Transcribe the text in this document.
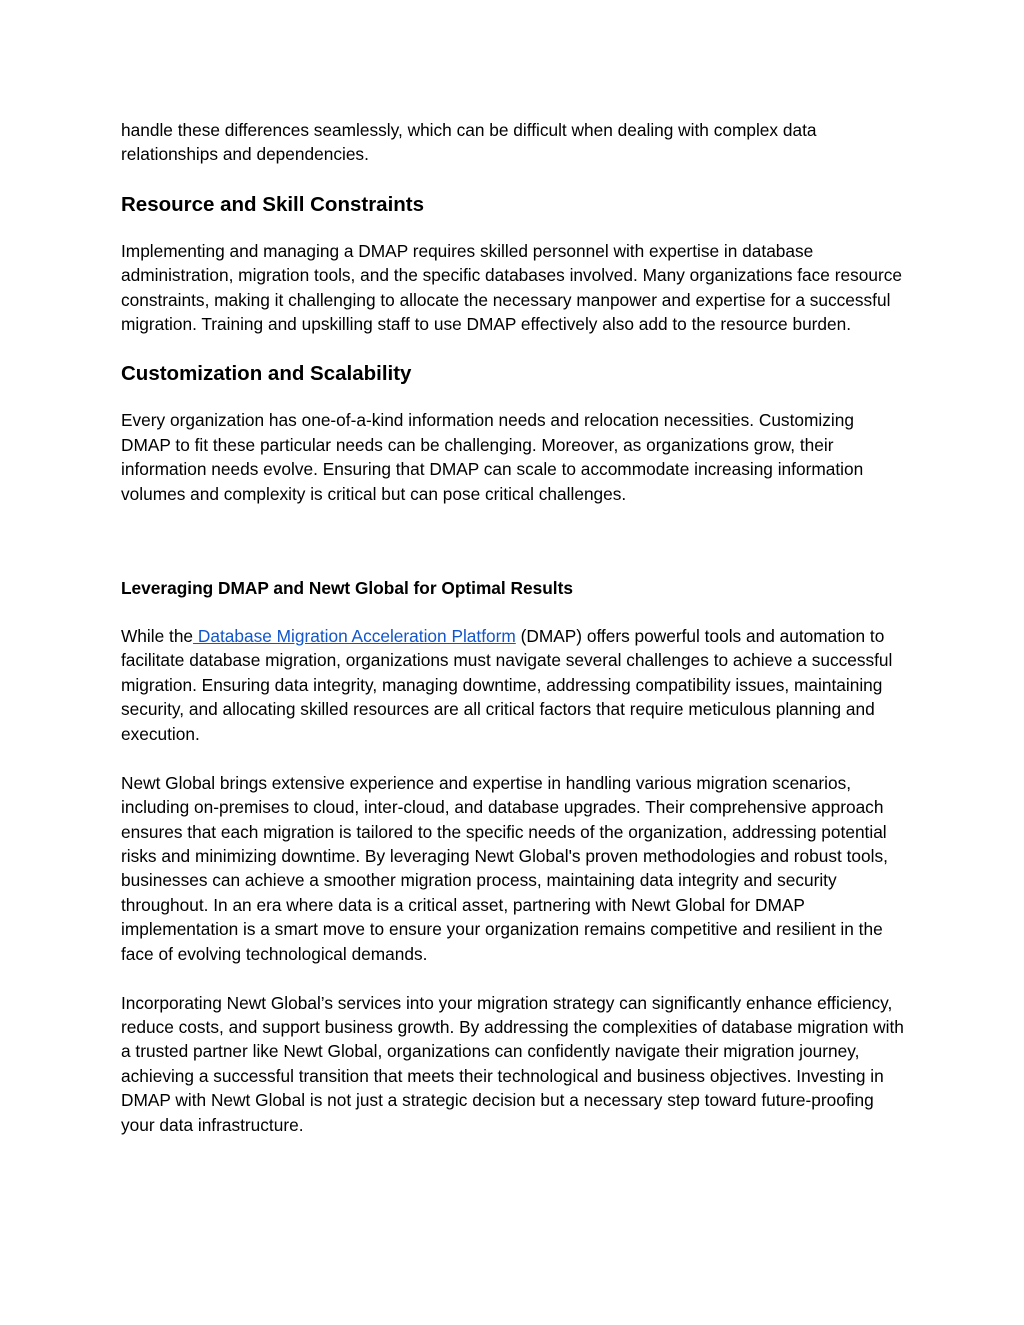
handle these differences seamlessly, which can be difficult when dealing with complex data relationships and dependencies.

Resource and Skill Constraints

Implementing and managing a DMAP requires skilled personnel with expertise in database administration, migration tools, and the specific databases involved. Many organizations face resource constraints, making it challenging to allocate the necessary manpower and expertise for a successful migration. Training and upskilling staff to use DMAP effectively also add to the resource burden.

Customization and Scalability

Every organization has one-of-a-kind information needs and relocation necessities. Customizing DMAP to fit these particular needs can be challenging. Moreover, as organizations grow, their information needs evolve. Ensuring that DMAP can scale to accommodate increasing information volumes and complexity is critical but can pose critical challenges.

Leveraging DMAP and Newt Global for Optimal Results

While the Database Migration Acceleration Platform (DMAP) offers powerful tools and automation to facilitate database migration, organizations must navigate several challenges to achieve a successful migration. Ensuring data integrity, managing downtime, addressing compatibility issues, maintaining security, and allocating skilled resources are all critical factors that require meticulous planning and execution.

Newt Global brings extensive experience and expertise in handling various migration scenarios, including on-premises to cloud, inter-cloud, and database upgrades. Their comprehensive approach ensures that each migration is tailored to the specific needs of the organization, addressing potential risks and minimizing downtime. By leveraging Newt Global's proven methodologies and robust tools, businesses can achieve a smoother migration process, maintaining data integrity and security throughout. In an era where data is a critical asset, partnering with Newt Global for DMAP implementation is a smart move to ensure your organization remains competitive and resilient in the face of evolving technological demands.

Incorporating Newt Global’s services into your migration strategy can significantly enhance efficiency, reduce costs, and support business growth. By addressing the complexities of database migration with a trusted partner like Newt Global, organizations can confidently navigate their migration journey, achieving a successful transition that meets their technological and business objectives. Investing in DMAP with Newt Global is not just a strategic decision but a necessary step toward future-proofing your data infrastructure.
